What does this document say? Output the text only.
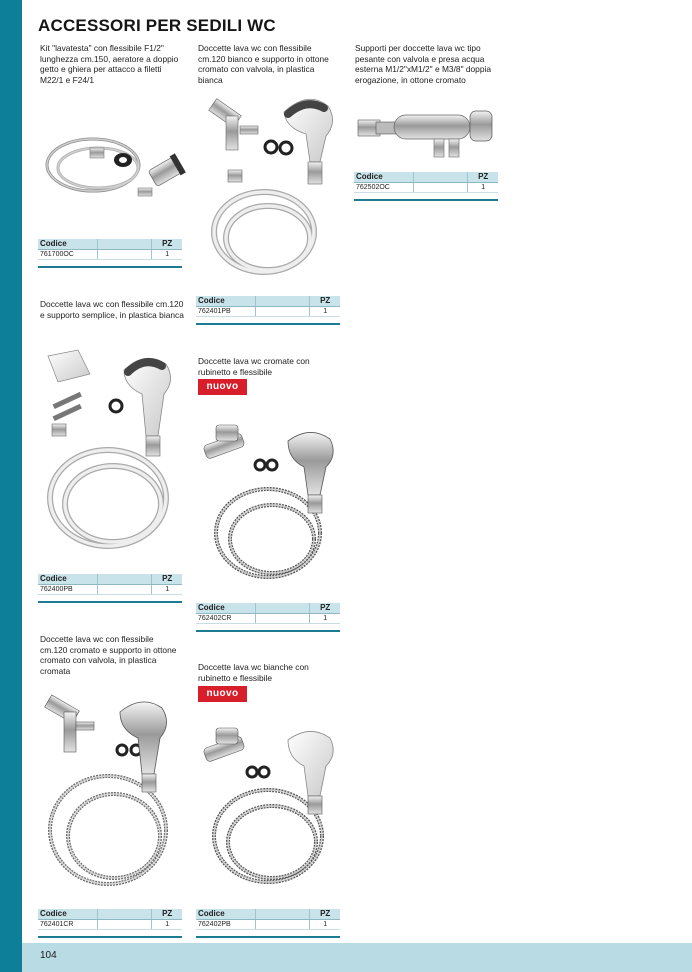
ACCESSORI PER SEDILI WC
Kit "lavatesta" con flessibile F1/2" lunghezza cm.150, aeratore a doppio getto e ghiera per attacco a filetti M22/1 e F24/1
Codice	PZ
761700OC	1
Doccette lava wc con flessibile cm.120 bianco e supporto in ottone cromato con valvola, in plastica bianca
Codice	PZ
762401PB	1
Supporti per doccette lava wc tipo pesante con valvola e presa acqua esterna M1/2"xM1/2" e M3/8" doppia erogazione, in ottone cromato
Codice	PZ
762502OC	1
Doccette lava wc con flessibile cm.120 e supporto semplice, in plastica bianca
Codice	PZ
762400PB	1
Doccette lava wc cromate con rubinetto e flessibile
nuovo
Codice	PZ
762402CR	1
Doccette lava wc con flessibile cm.120 cromato e supporto in ottone cromato con valvola, in plastica cromata
Codice	PZ
762401CR	1
Doccette lava wc bianche con rubinetto e flessibile
nuovo
Codice	PZ
762402PB	1
104
